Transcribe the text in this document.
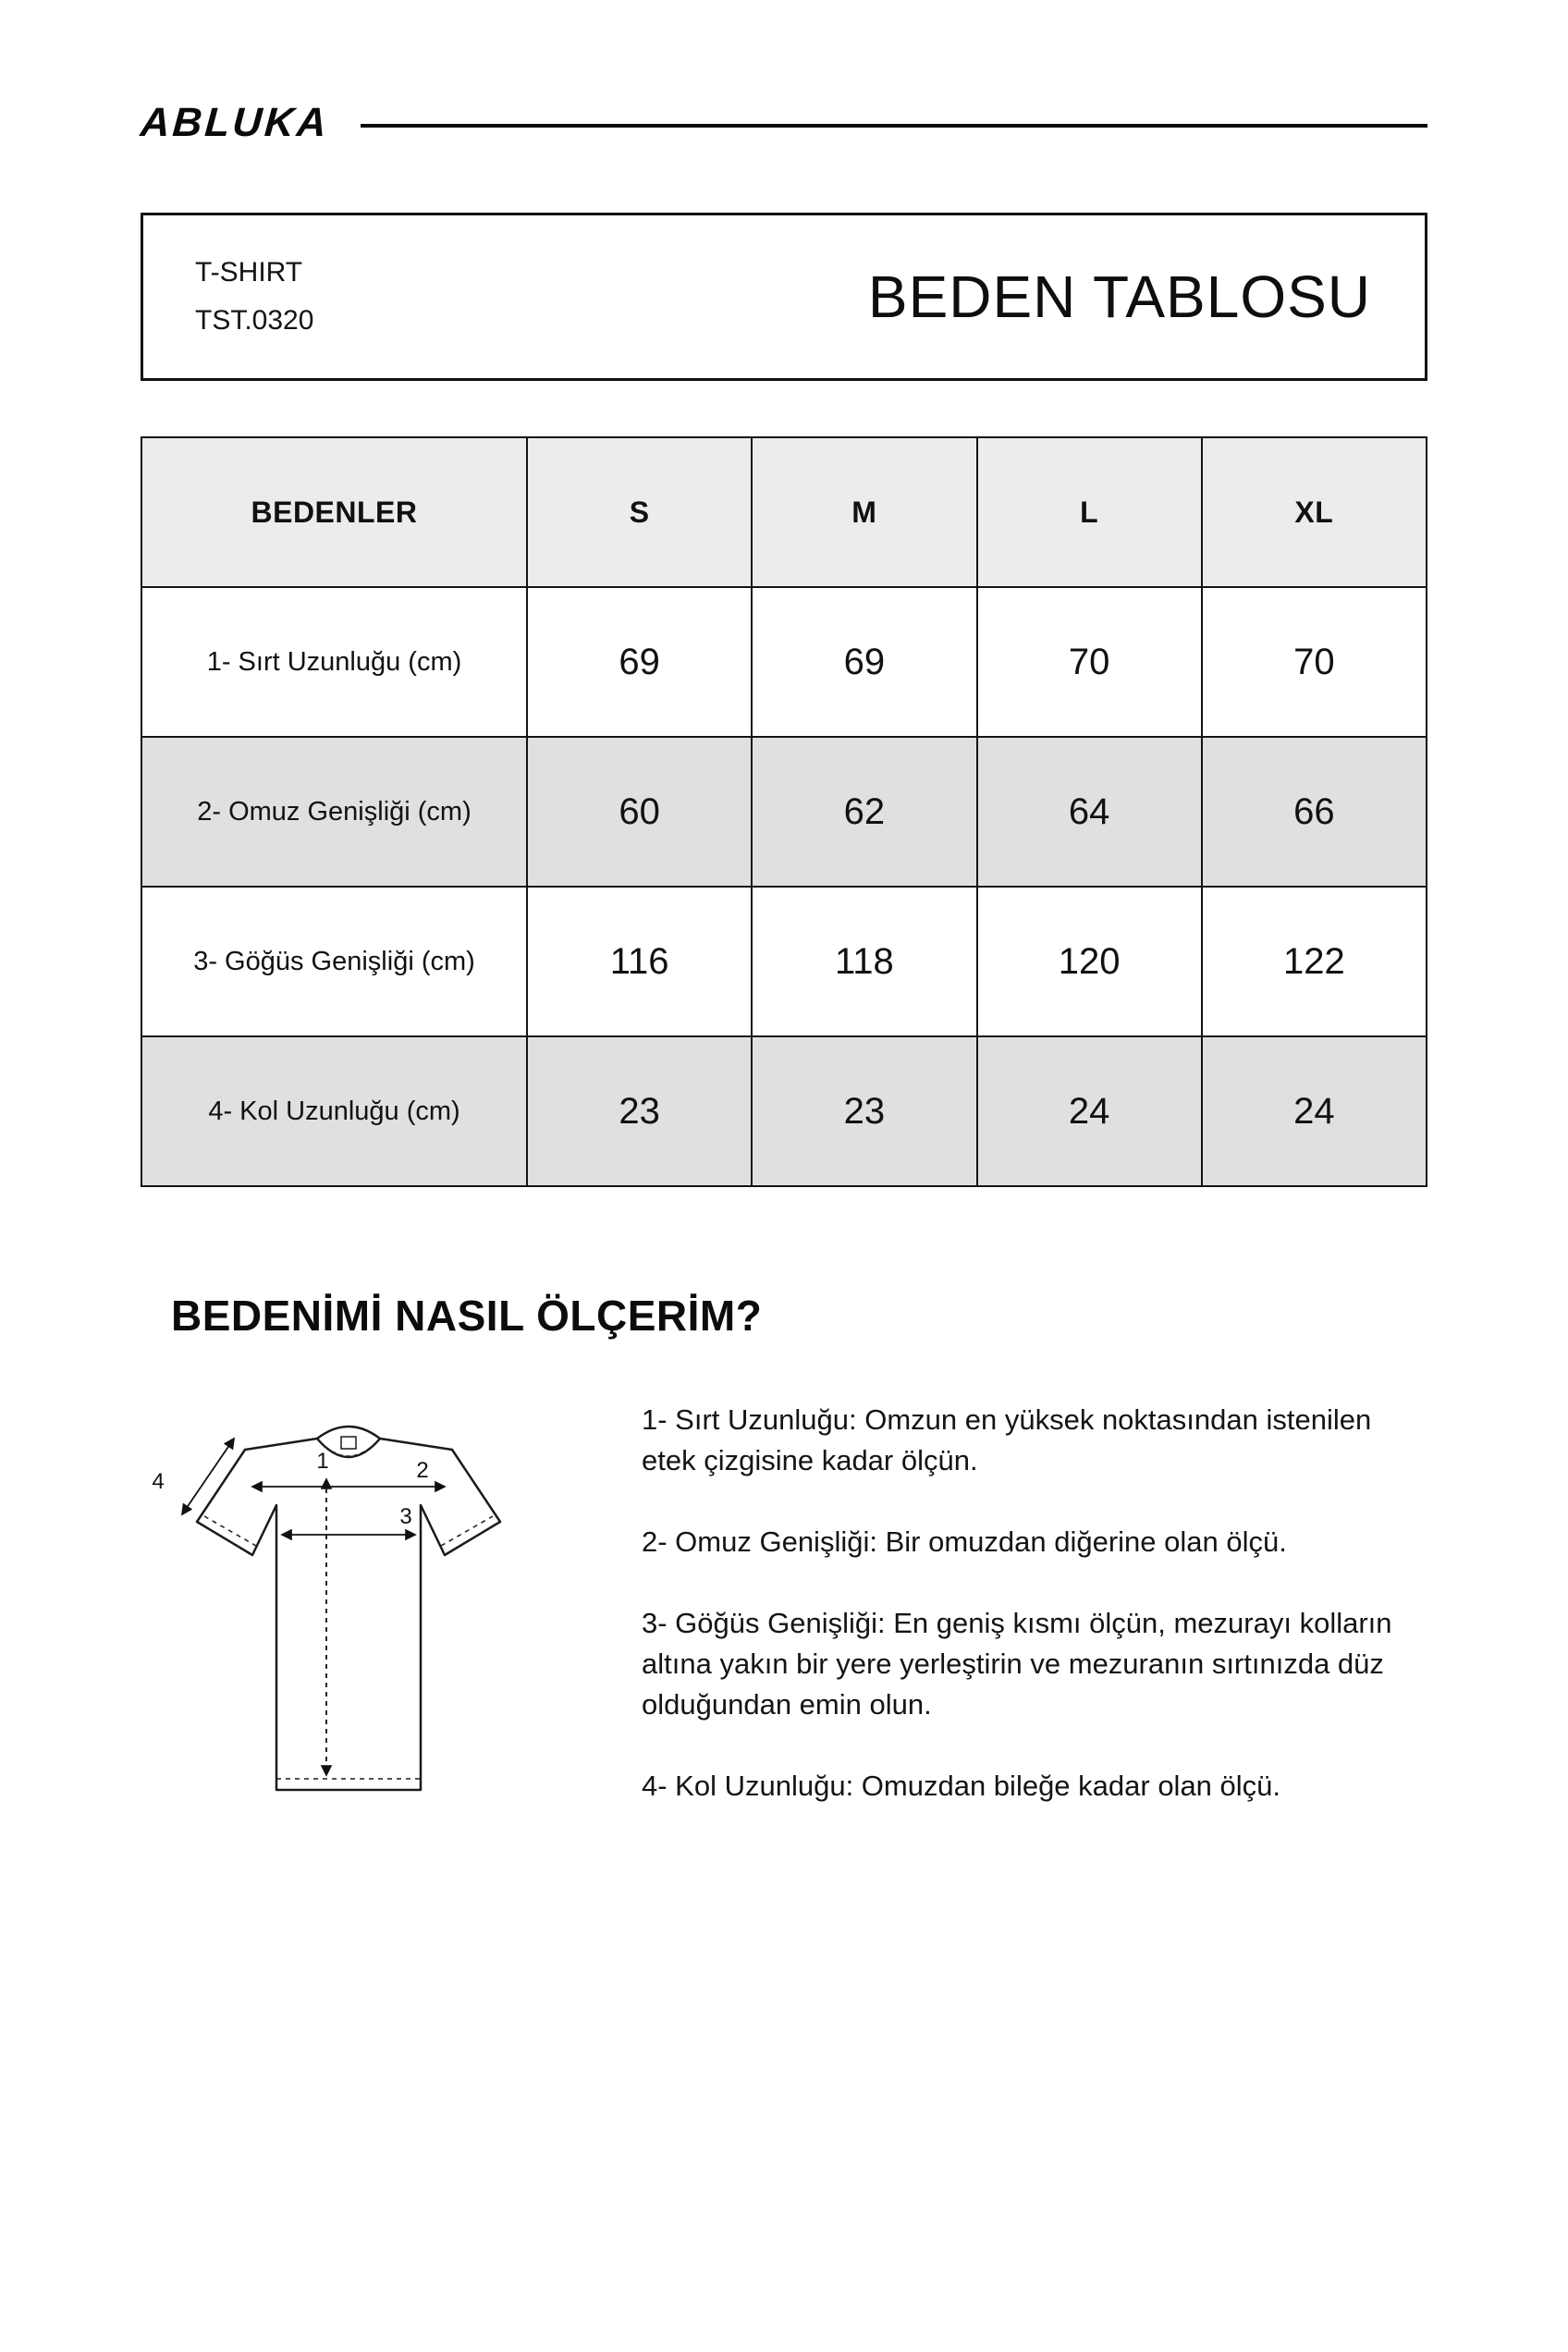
ABLUKA
T-SHIRT
TST.0320	BEDEN TABLOSU
BEDENLER	S	M	L	XL
1- Sırt Uzunluğu (cm)	69	69	70	70
2- Omuz Genişliği (cm)	60	62	64	66
3- Göğüs Genişliği (cm)	116	118	120	122
4- Kol Uzunluğu (cm)	23	23	24	24
BEDENİMİ NASIL ÖLÇERİM?
1	2
3
4

1- Sırt Uzunluğu: Omzun en yüksek noktasından istenilen etek çizgisine kadar ölçün.

2- Omuz Genişliği: Bir omuzdan diğerine olan ölçü.

3- Göğüs Genişliği: En geniş kısmı ölçün, mezurayı kolların altına yakın bir yere yerleştirin ve mezuranın sırtınızda düz olduğundan emin olun.

4- Kol Uzunluğu: Omuzdan bileğe kadar olan ölçü.
